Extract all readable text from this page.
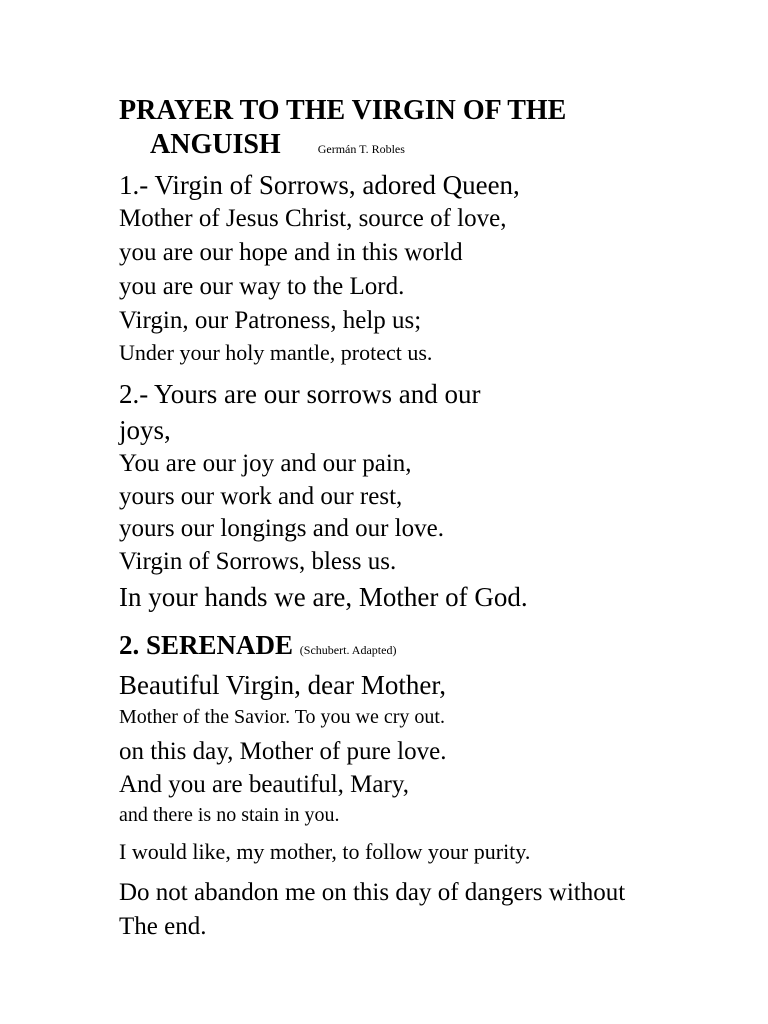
PRAYER TO THE VIRGIN OF THE
ANGUISH	Germán T. Robles
1.- Virgin of Sorrows, adored Queen,
Mother of Jesus Christ, source of love,
you are our hope and in this world
you are our way to the Lord.
Virgin, our Patroness, help us;
Under your holy mantle, protect us.
2.- Yours are our sorrows and our
joys,
You are our joy and our pain,
yours our work and our rest,
yours our longings and our love.
Virgin of Sorrows, bless us.
In your hands we are, Mother of God.
2. SERENADE (Schubert. Adapted)
Beautiful Virgin, dear Mother,
Mother of the Savior. To you we cry out.
on this day, Mother of pure love.
And you are beautiful, Mary,
and there is no stain in you.
I would like, my mother, to follow your purity.
Do not abandon me on this day of dangers without
The end.
